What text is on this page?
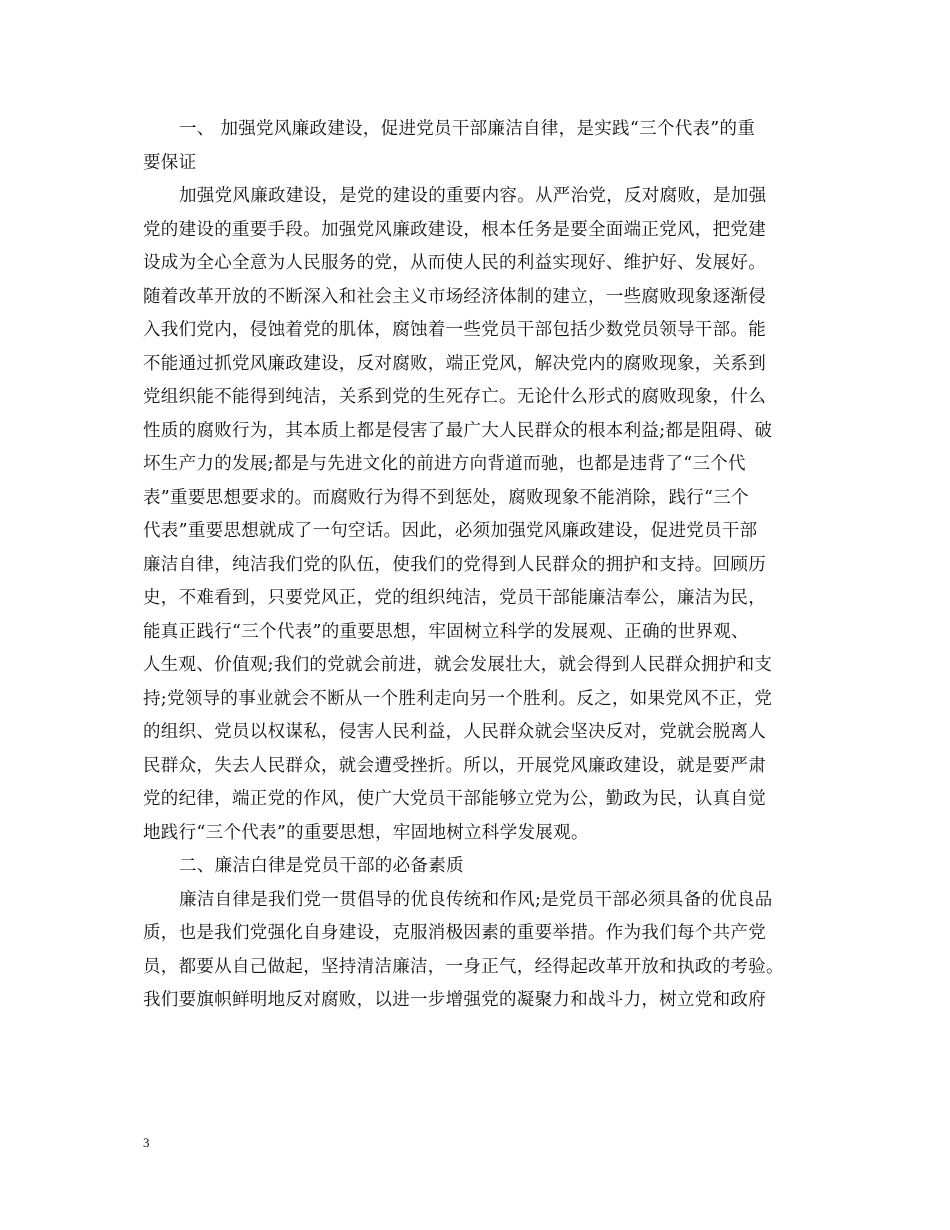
一、 加强党风廉政建设，促进党员干部廉洁自律，是实践“三个代表”的重
要保证
加强党风廉政建设，是党的建设的重要内容。从严治党，反对腐败，是加强
党的建设的重要手段。加强党风廉政建设，根本任务是要全面端正党风，把党建
设成为全心全意为人民服务的党，从而使人民的利益实现好、维护好、发展好。
随着改革开放的不断深入和社会主义市场经济体制的建立，一些腐败现象逐渐侵
入我们党内，侵蚀着党的肌体，腐蚀着一些党员干部包括少数党员领导干部。能
不能通过抓党风廉政建设，反对腐败，端正党风，解决党内的腐败现象，关系到
党组织能不能得到纯洁，关系到党的生死存亡。无论什么形式的腐败现象，什么
性质的腐败行为，其本质上都是侵害了最广大人民群众的根本利益;都是阻碍、破
坏生产力的发展;都是与先进文化的前进方向背道而驰，也都是违背了“三个代
表”重要思想要求的。而腐败行为得不到惩处，腐败现象不能消除，践行“三个
代表”重要思想就成了一句空话。因此，必须加强党风廉政建设，促进党员干部
廉洁自律，纯洁我们党的队伍，使我们的党得到人民群众的拥护和支持。回顾历
史，不难看到，只要党风正，党的组织纯洁，党员干部能廉洁奉公，廉洁为民，
能真正践行“三个代表”的重要思想，牢固树立科学的发展观、正确的世界观、
人生观、价值观;我们的党就会前进，就会发展壮大，就会得到人民群众拥护和支
持;党领导的事业就会不断从一个胜利走向另一个胜利。反之，如果党风不正，党
的组织、党员以权谋私，侵害人民利益，人民群众就会坚决反对，党就会脱离人
民群众，失去人民群众，就会遭受挫折。所以，开展党风廉政建设，就是要严肃
党的纪律，端正党的作风，使广大党员干部能够立党为公，勤政为民，认真自觉
地践行“三个代表”的重要思想，牢固地树立科学发展观。
二、廉洁白律是党员干部的必备素质
廉洁自律是我们党一贯倡导的优良传统和作风;是党员干部必须具备的优良品
质，也是我们党强化自身建设，克服消极因素的重要举措。作为我们每个共产党
员，都要从自己做起，坚持清洁廉洁，一身正气，经得起改革开放和执政的考验。
我们要旗帜鲜明地反对腐败，以进一步增强党的凝聚力和战斗力，树立党和政府
3
